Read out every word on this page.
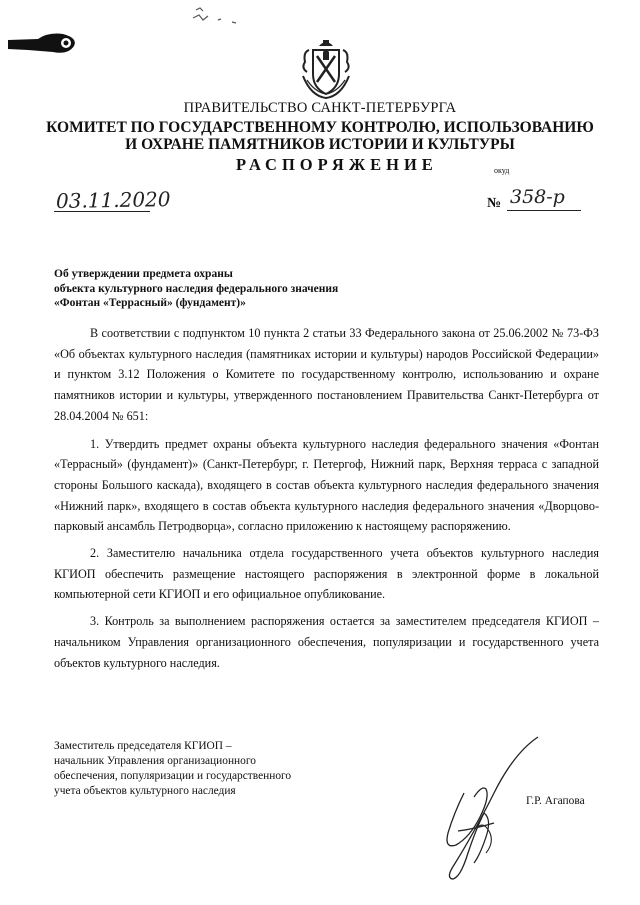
ПРАВИТЕЛЬСТВО САНКТ-ПЕТЕРБУРГА
КОМИТЕТ ПО ГОСУДАРСТВЕННОМУ КОНТРОЛЮ, ИСПОЛЬЗОВАНИЮ
И ОХРАНЕ ПАМЯТНИКОВ ИСТОРИИ И КУЛЬТУРЫ
РАСПОРЯЖЕНИЕ	окуд
03.11.2020	№ 358-р
Об утверждении предмета охраны
объекта культурного наследия федерального значения
«Фонтан «Террасный» (фундамент)»

В соответствии с подпунктом 10 пункта 2 статьи 33 Федерального закона от 25.06.2002 № 73-ФЗ «Об объектах культурного наследия (памятниках истории и культуры) народов Российской Федерации» и пунктом 3.12 Положения о Комитете по государственному контролю, использованию и охране памятников истории и культуры, утвержденного постановлением Правительства Санкт-Петербурга от 28.04.2004 № 651:

1. Утвердить предмет охраны объекта культурного наследия федерального значения «Фонтан «Террасный» (фундамент)» (Санкт-Петербург, г. Петергоф, Нижний парк, Верхняя терраса с западной стороны Большого каскада), входящего в состав объекта культурного наследия федерального значения «Нижний парк», входящего в состав объекта культурного наследия федерального значения «Дворцово-парковый ансамбль Петродворца», согласно приложению к настоящему распоряжению.

2. Заместителю начальника отдела государственного учета объектов культурного наследия КГИОП обеспечить размещение настоящего распоряжения в электронной форме в локальной компьютерной сети КГИОП и его официальное опубликование.

3. Контроль за выполнением распоряжения остается за заместителем председателя КГИОП – начальником Управления организационного обеспечения, популяризации и государственного учета объектов культурного наследия.

Заместитель председателя КГИОП –
начальник Управления организационного
обеспечения, популяризации и государственного
учета объектов культурного наследия
Г.Р. Агапова
